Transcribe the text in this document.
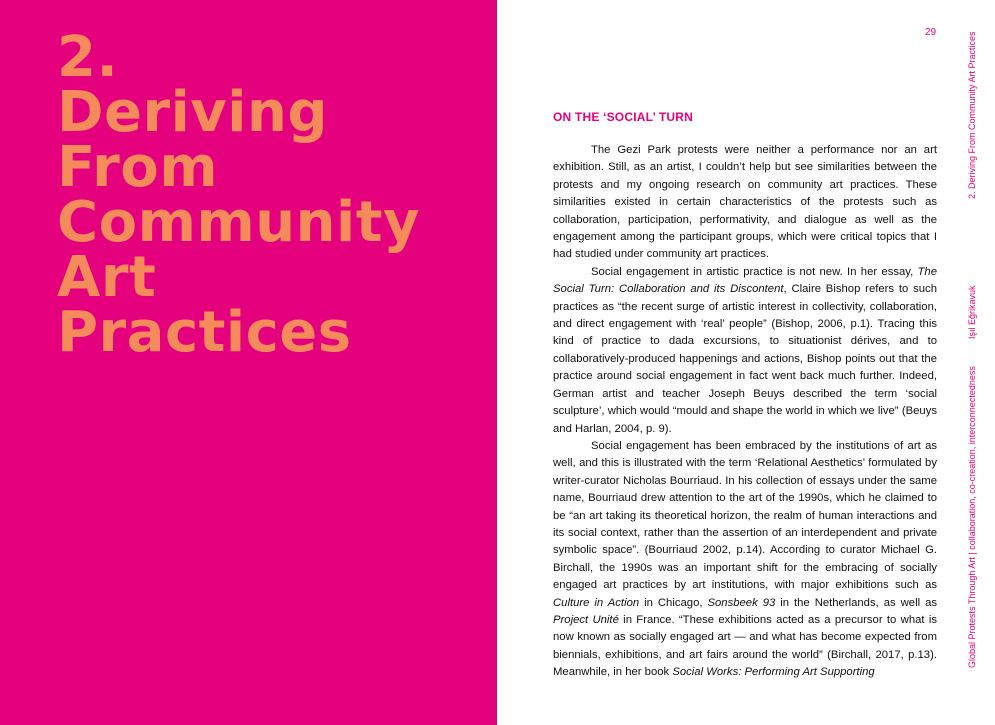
2.
Deriving
From
Community
Art
Practices
29
ON THE ‘SOCIAL’ TURN

The Gezi Park protests were neither a performance nor an art exhibition. Still, as an artist, I couldn’t help but see similarities between the protests and my ongoing research on community art practices. These similarities existed in certain characteristics of the protests such as collaboration, participation, performativity, and dialogue as well as the engagement among the participant groups, which were critical topics that I had studied under community art practices.

Social engagement in artistic practice is not new. In her essay, The Social Turn: Collaboration and its Discontent, Claire Bishop refers to such practices as “the recent surge of artistic interest in collectivity, collaboration, and direct engagement with ‘real’ people” (Bishop, 2006, p.1). Tracing this kind of practice to dada excursions, to situationist dérives, and to collaboratively-produced happenings and actions, Bishop points out that the practice around social engagement in fact went back much further. Indeed, German artist and teacher Joseph Beuys described the term ‘social sculpture’, which would “mould and shape the world in which we live” (Beuys and Harlan, 2004, p. 9).

Social engagement has been embraced by the institutions of art as well, and this is illustrated with the term ‘Relational Aesthetics’ formulated by writer-curator Nicholas Bourriaud. In his collection of essays under the same name, Bourriaud drew attention to the art of the 1990s, which he claimed to be “an art taking its theoretical horizon, the realm of human interactions and its social context, rather than the assertion of an interdependent and private symbolic space”. (Bourriaud 2002, p.14). According to curator Michael G. Birchall, the 1990s was an important shift for the embracing of socially engaged art practices by art institutions, with major exhibitions such as Culture in Action in Chicago, Sonsbeek 93 in the Netherlands, as well as Project Unité in France. “These exhibitions acted as a precursor to what is now known as socially engaged art — and what has become expected from biennials, exhibitions, and art fairs around the world” (Birchall, 2017, p.13). Meanwhile, in her book Social Works: Performing Art Supporting

2. Deriving From Community Art Practices
Işıl Eğrikavuk
Global Protests Through Art | collaboration, co-creation, interconnectedness
